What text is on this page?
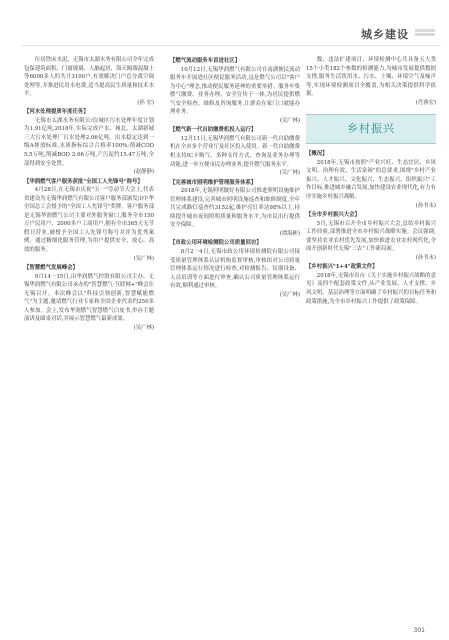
城乡建设

位居铁床水泥、无锡市太湖水务有限公司全年完成包保建筑面积、门窗玻璃、人脑起居、海天隔墙混凝土等6000多人的共计3100户,有效解决门户总分离空调处理等,并推进民用水电费,适当提高民生质量和技术水平。

(孙 宏)

【河水处理提质年度任务】

无锡市太湖水务有限公司(城区污水处理年度计划为1.91亿吨,2018年,实际完成户水、城北、太湖新城三大污水处理厂污水处理2.06亿吨。出水稳定达到一级A排放标准,水质指标综合合格率100%;削减COD 5.5万吨,削减BOD 2.66万吨,产污泥约15.47万吨,全部得到安全处置。

(赵静静)

【华润燃气客户服务获批"全国工人先锋号"称号】

4月28日,在无锡市庆祝"五一"劳动节大会上,代表省建设为无锡华润燃气有限公司客户服务部颁发由中华全国总工会授予的"全国工人先锋号"奖牌。客户服务部是无锡华润燃气公司主要对外服务窗口,服务全市150万户民用户、2000多户工商用户,拥有全市365天无节假日营业,被授予全国工人先锋号称号并评为优秀案例。通过精细化服务管理,为用户提供安全、放心、高效的服务。

(吴广林)

【智慧燃气发展峰会】

9月14一15日,由华润燃气控股有限公司主办、无锡华润燃气有限公司承办的"智慧燃气·互联网+"峰会在无锡召开。本次峰会以"科技引领创新,智慧赋能燃气"为主题,邀请燃气行业专家和全国企业代表约250多人参加。会上,发布华润燃气智慧燃气白皮书,举办主题演讲及圆桌对话,并展示智慧燃气最新成果。

(吴广林)

【燃气流动服务车首进社区】

10月12日,无锡华润燃气有限公司在南湖便民流动服务车开展进社区便民服务活动,这是燃气公司以"客户为中心"理念,推动便民服务延伸的重要举措。服务车集燃气缴费、业务办理、安全宣传于一体,为居民提供燃气安全检查、维修及咨询服务,让群众在家门口就能办理业务。

(吴广林)

【燃气新一代自助缴费机投入运行】

12月11日,无锡华润燃气有限公司新一代自助缴费机在全市多个营业厅及社区投入使用。新一代自助缴费机支持IC卡购气、多种支付方式、查询及业务办理等功能,进一步方便市民办理业务,提升燃气服务水平。

(吴广林)

【完善城市照明维护管理服务体系】

2018年,无锡照明做好有限公司推进照明设施维护管理体系建设,完善城市照明设施巡查和维修制度,全年共完成路灯巡查约3152起,维护亮灯率达98%以上,持续提升城市夜间照明质量和服务水平,为市民出行提供安全保障。

(谭海彬)

【市政公用环境检测院公司质量回访】

8月2一4日,无锡市政公用环境检测院有限公司接受质量管理体系认证机构监督审核,审核组对公司质量管理体系运行情况进行检查,对检测报告、仪器设备、人员培训等方面进行审查,确认公司质量管理体系运行有效,顺利通过审核。

(吴广林)

数、违法扩建项目、环境检测中心共具备五大类15个小类182个参数的检测能力,为城市发展提供数据支撑,服务生活饮用水、污水、土壤、环境空气及噪声等,实现环境检测项目全覆盖,为相关决策提供科学依据。

(肖睿宏)

乡村振兴

【概况】

2018年,无锡市按照"产业兴旺、生态宜居、乡风文明、治理有效、生活富裕"的总要求,围绕"乡村产业振兴、人才振兴、文化振兴、生态振兴、组织振兴"工作目标,推进城乡融合发展,加快建设农业现代化,有力有序实施乡村振兴战略。

(孙书永)

【全市乡村振兴大会】

5月,无锡市召开全市乡村振兴大会,总结乡村振兴工作经验,部署推进全市乡村振兴战略实施。会议强调,要坚持农业农村优先发展,加快推进农业农村现代化,全面开创新时代无锡"三农"工作新局面。

(孙书永)

【乡村振兴"1+4"政策文件】

2018年,无锡市出台《关于实施乡村振兴战略的意见》及四个配套政策文件,从产业发展、人才支撑、乡风文明、基层治理等方面明确了乡村振兴的目标任务和政策措施,为全市乡村振兴工作提供了政策保障。

301
